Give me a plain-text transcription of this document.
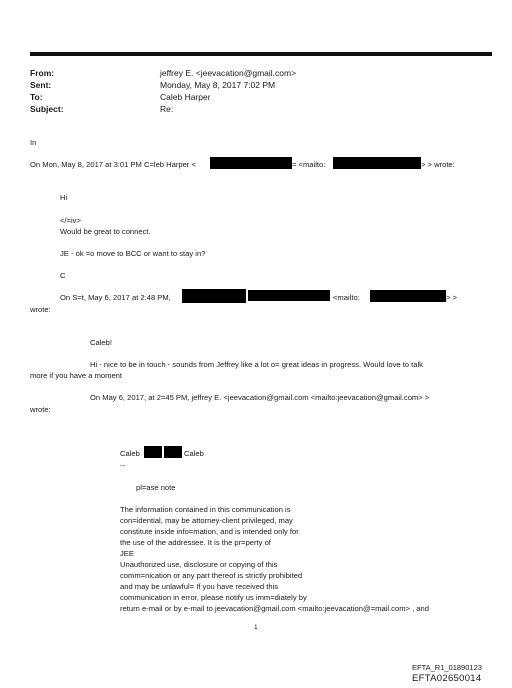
From:	jeffrey E. <jeevacation@gmail.com>
Sent:	Monday, May 8, 2017 7:02 PM
To:	Caleb Harper
Subject:	Re:
In
On Mon, May 8, 2017 at 3:01 PM C=leb Harper <	= <mailto:	> > wrote:
Hi
</=iv>
Would be great to connect.
JE - ok =o move to BCC or want to stay in?
C
On S=t, May 6, 2017 at 2:48 PM,	<mailto:	> >
wrote:
Caleb!
Hi - nice to be in touch - sounds from Jeffrey like a lot o= great ideas in progress. Would love to talk
more if you have a moment
On May 6, 2017, at 2=45 PM, jeffrey E. <jeevacation@gmail.com <mailto:jeevacation@gmail.com> >
wrote:
Caleb	Caleb
--
pl=ase note
The information contained in this communication is
con=idential, may be attorney-client privileged, may
constitute inside info=mation, and is intended only for
the use of the addressee. It is the pr=perty of
JEE
Unauthorized use, disclosure or copying of this
comm=nication or any part thereof is strictly prohibited
and may be unlawful= If you have received this
communication in error, please notify us imm=diately by
return e-mail or by e-mail to jeevacation@gmail.com <mailto:jeevacation@=mail.com> , and
1
EFTA_R1_01890123
EFTA02650014
